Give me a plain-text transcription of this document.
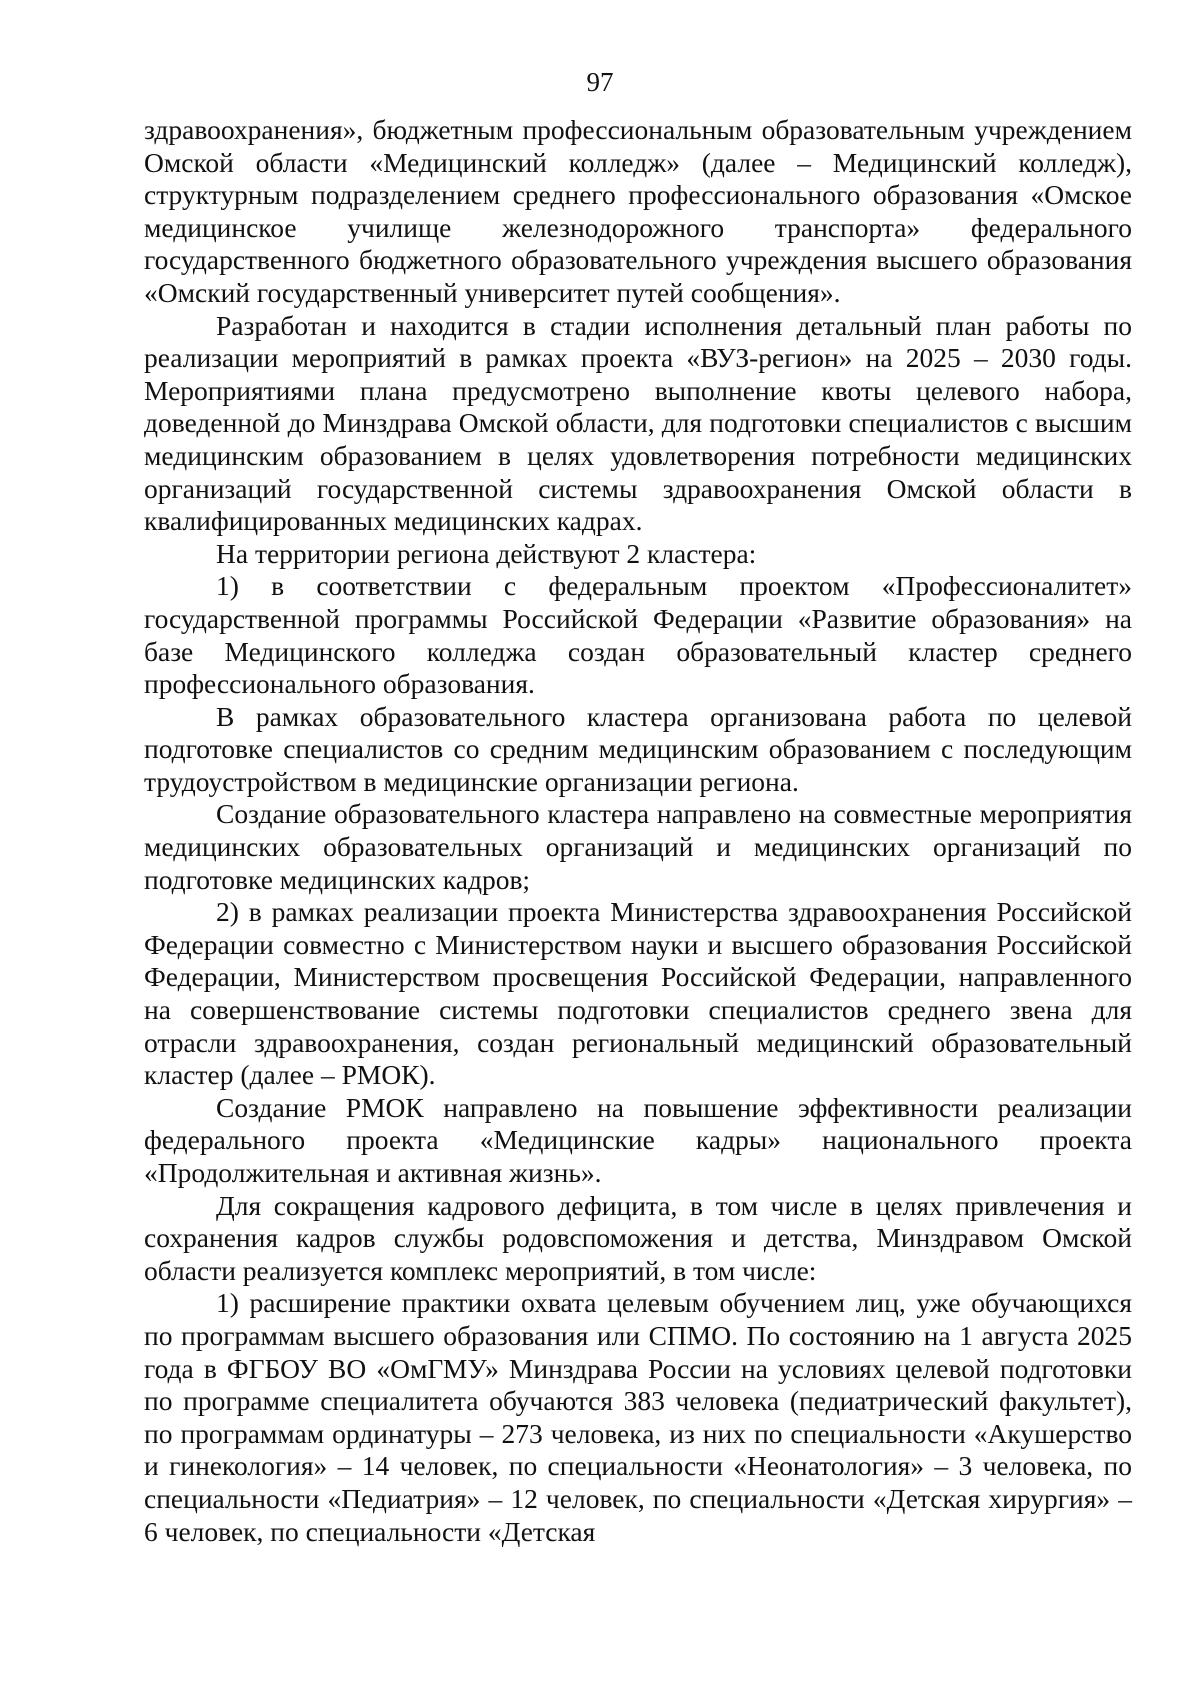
97

здравоохранения», бюджетным профессиональным образовательным учреждением Омской области «Медицинский колледж» (далее – Медицинский колледж), структурным подразделением среднего профессионального образования «Омское медицинское училище железнодорожного транспорта» федерального государственного бюджетного образовательного учреждения высшего образования «Омский государственный университет путей сообщения».

Разработан и находится в стадии исполнения детальный план работы по реализации мероприятий в рамках проекта «ВУЗ-регион» на 2025 – 2030 годы. Мероприятиями плана предусмотрено выполнение квоты целевого набора, доведенной до Минздрава Омской области, для подготовки специалистов с высшим медицинским образованием в целях удовлетворения потребности медицинских организаций государственной системы здравоохранения Омской области в квалифицированных медицинских кадрах.

На территории региона действуют 2 кластера:

1) в соответствии с федеральным проектом «Профессионалитет» государственной программы Российской Федерации «Развитие образования» на базе Медицинского колледжа создан образовательный кластер среднего профессионального образования.

В рамках образовательного кластера организована работа по целевой подготовке специалистов со средним медицинским образованием с последующим трудоустройством в медицинские организации региона.

Создание образовательного кластера направлено на совместные мероприятия медицинских образовательных организаций и медицинских организаций по подготовке медицинских кадров;

2) в рамках реализации проекта Министерства здравоохранения Российской Федерации совместно с Министерством науки и высшего образования Российской Федерации, Министерством просвещения Российской Федерации, направленного на совершенствование системы подготовки специалистов среднего звена для отрасли здравоохранения, создан региональный медицинский образовательный кластер (далее – РМОК).

Создание РМОК направлено на повышение эффективности реализации федерального проекта «Медицинские кадры» национального проекта «Продолжительная и активная жизнь».

Для сокращения кадрового дефицита, в том числе в целях привлечения и сохранения кадров службы родовспоможения и детства, Минздравом Омской области реализуется комплекс мероприятий, в том числе:

1) расширение практики охвата целевым обучением лиц, уже обучающихся по программам высшего образования или СПМО. По состоянию на 1 августа 2025 года в ФГБОУ ВО «ОмГМУ» Минздрава России на условиях целевой подготовки по программе специалитета обучаются 383 человека (педиатрический факультет), по программам ординатуры – 273 человека, из них по специальности «Акушерство и гинекология» – 14 человек, по специальности «Неонатология» – 3 человека, по специальности «Педиатрия» – 12 человек, по специальности «Детская хирургия» – 6 человек, по специальности «Детская
